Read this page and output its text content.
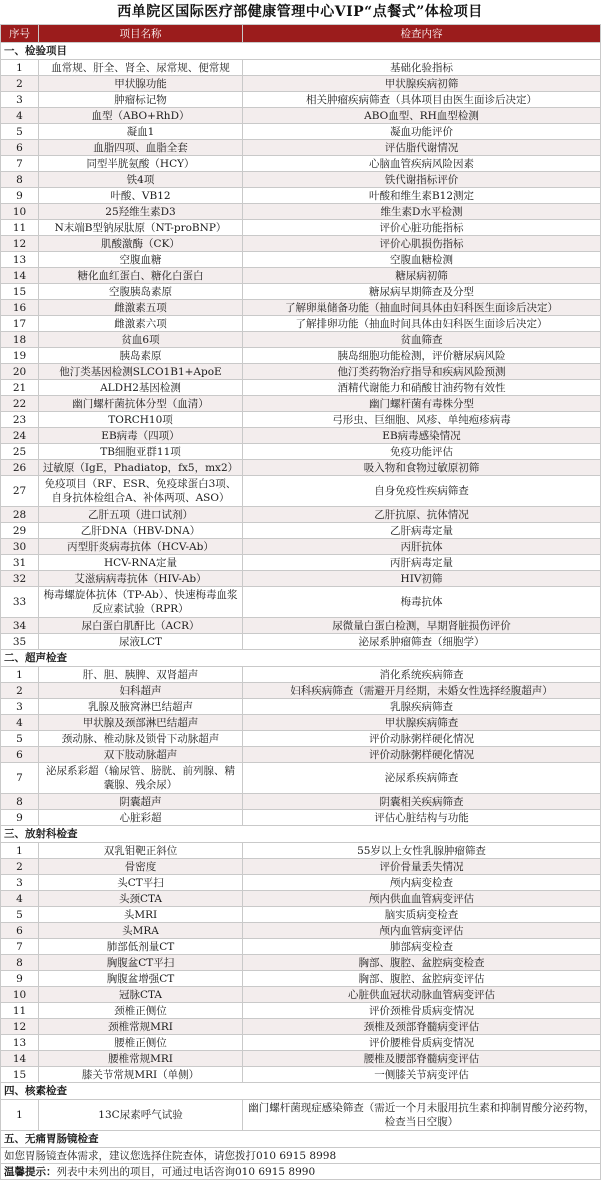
西单院区国际医疗部健康管理中心VIP“点餐式”体检项目
序号	项目名称	检查内容
一、检验项目		
1	血常规、肝全、肾全、尿常规、便常规	基础化验指标
2	甲状腺功能	甲状腺疾病初筛
3	肿瘤标记物	相关肿瘤疾病筛查（具体项目由医生面诊后决定）
4	血型（ABO+RhD）	ABO血型、RH血型检测
5	凝血1	凝血功能评价
6	血脂四项、血脂全套	评估脂代谢情况
7	同型半胱氨酸（HCY）	心脑血管疾病风险因素
8	铁4项	铁代谢指标评价
9	叶酸、VB12	叶酸和维生素B12测定
10	25羟维生素D3	维生素D水平检测
11	N末端B型钠尿肽原（NT-proBNP）	评价心脏功能指标
12	肌酸激酶（CK）	评价心肌损伤指标
13	空腹血糖	空腹血糖检测
14	糖化血红蛋白、糖化白蛋白	糖尿病初筛
15	空腹胰岛素原	糖尿病早期筛查及分型
16	雌激素五项	了解卵巢储备功能（抽血时间具体由妇科医生面诊后决定）
17	雌激素六项	了解排卵功能（抽血时间具体由妇科医生面诊后决定）
18	贫血6项	贫血筛查
19	胰岛素原	胰岛细胞功能检测，评价糖尿病风险
20	他汀类基因检测SLCO1B1+ApoE	他汀类药物治疗指导和疾病风险预测
21	ALDH2基因检测	酒精代谢能力和硝酸甘油药物有效性
22	幽门螺杆菌抗体分型（血清）	幽门螺杆菌有毒株分型
23	TORCH10项	弓形虫、巨细胞、风疹、单纯疱疹病毒
24	EB病毒（四项）	EB病毒感染情况
25	TB细胞亚群11项	免疫功能评估
26	过敏原（IgE，Phadiatop，fx5，mx2）	吸入物和食物过敏原初筛
27	免疫项目（RF、ESR、免疫球蛋白3项、自身抗体检组合A、补体两项、ASO）	自身免疫性疾病筛查
28	乙肝五项（进口试剂）	乙肝抗原、抗体情况
29	乙肝DNA（HBV-DNA）	乙肝病毒定量
30	丙型肝炎病毒抗体（HCV-Ab）	丙肝抗体
31	HCV-RNA定量	丙肝病毒定量
32	艾滋病病毒抗体（HIV-Ab）	HIV初筛
33	梅毒螺旋体抗体（TP-Ab）、快速梅毒血浆反应素试验（RPR）	梅毒抗体
34	尿白蛋白肌酐比（ACR）	尿微量白蛋白检测，早期肾脏损伤评价
35	尿液LCT	泌尿系肿瘤筛查（细胞学）
二、超声检查		
1	肝、胆、胰脾、双肾超声	消化系统疾病筛查
2	妇科超声	妇科疾病筛查（需避开月经期，未婚女性选择经腹超声）
3	乳腺及腋窝淋巴结超声	乳腺疾病筛查
4	甲状腺及颈部淋巴结超声	甲状腺疾病筛查
5	颈动脉、椎动脉及锁骨下动脉超声	评价动脉粥样硬化情况
6	双下肢动脉超声	评价动脉粥样硬化情况
7	泌尿系彩超（输尿管、膀胱、前列腺、精囊腺、残余尿）	泌尿系疾病筛查
8	阴囊超声	阴囊相关疾病筛查
9	心脏彩超	评估心脏结构与功能
三、放射科检查		
1	双乳钼靶正斜位	55岁以上女性乳腺肿瘤筛查
2	骨密度	评价骨量丢失情况
3	头CT平扫	颅内病变检查
4	头颈CTA	颅内供血血管病变评估
5	头MRI	脑实质病变检查
6	头MRA	颅内血管病变评估
7	肺部低剂量CT	肺部病变检查
8	胸腹盆CT平扫	胸部、腹腔、盆腔病变检查
9	胸腹盆增强CT	胸部、腹腔、盆腔病变评估
10	冠脉CTA	心脏供血冠状动脉血管病变评估
11	颈椎正侧位	评价颈椎骨质病变情况
12	颈椎常规MRI	颈椎及颈部脊髓病变评估
13	腰椎正侧位	评价腰椎骨质病变情况
14	腰椎常规MRI	腰椎及腰部脊髓病变评估
15	膝关节常规MRI（单侧）	一侧膝关节病变评估
四、核素检查		
1	13C尿素呼气试验	幽门螺杆菌现症感染筛查（需近一个月未服用抗生素和抑制胃酸分泌药物，检查当日空腹）
五、无痛胃肠镜检查		
如您胃肠镜查体需求，建议您选择住院查体，请您拨打010 6915 8998		
温馨提示：列表中未列出的项目，可通过电话咨询010 6915 8990		
